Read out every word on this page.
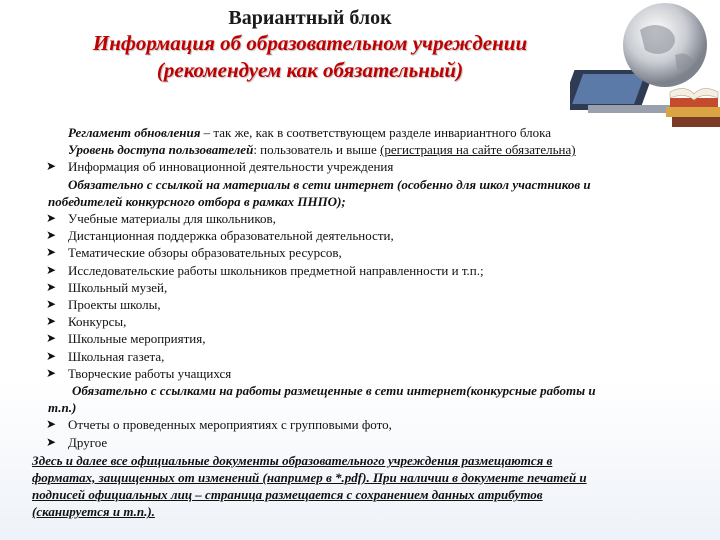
Вариантный блок
Информация об образовательном учреждении
(рекомендуем как обязательный)
Регламент обновления – так же, как в соответствующем разделе инвариантного блока
Уровень доступа пользователей: пользователь и выше (регистрация на сайте обязательна)
➤ Информация об инновационной деятельности учреждения
Обязательно с ссылкой на материалы в сети интернет (особенно для школ участников и
победителей конкурсного отбора в рамках ПНПО);
➤ Учебные материалы для школьников,
➤ Дистанционная поддержка образовательной деятельности,
➤ Тематические обзоры образовательных ресурсов,
➤ Исследовательские работы школьников предметной направленности и т.п.;
➤ Школьный музей,
➤ Проекты школы,
➤ Конкурсы,
➤ Школьные мероприятия,
➤ Школьная газета,
➤ Творческие работы учащихся
Обязательно с ссылками на работы размещенные в сети интернет(конкурсные работы и
т.п.)
➤ Отчеты о проведенных мероприятиях с групповыми фото,
➤ Другое
Здесь и далее все официальные документы образовательного учреждения размещаются в
форматах, защищенных от изменений (например в *.pdf). При наличии в документе печатей и
подписей официальных лиц – страница размещается с сохранением данных атрибутов
(сканируется и т.п.).
